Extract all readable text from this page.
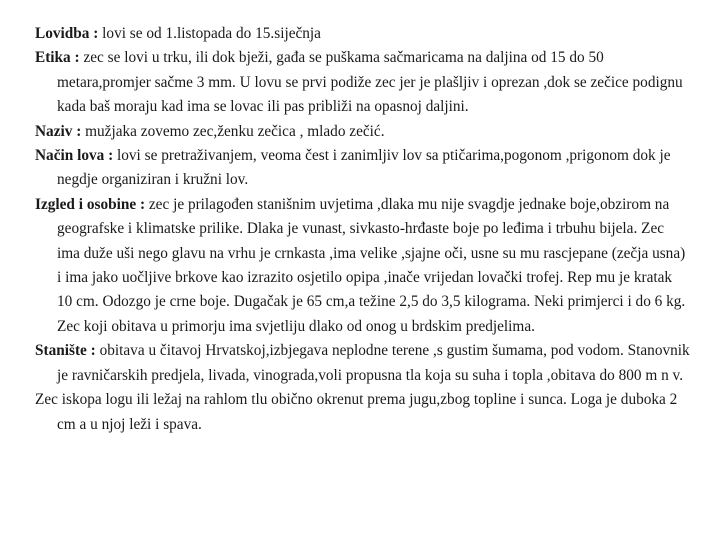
Lovidba : lovi se od 1.listopada do 15.siječnja

Etika : zec se lovi u trku, ili dok bježi, gađa se puškama sačmaricama na daljina od 15 do 50 metara,promjer sačme 3 mm. U lovu se prvi podiže zec jer je plašljiv i oprezan ,dok se zečice podignu kada baš moraju kad ima se lovac ili pas približi na opasnoj daljini.

Naziv : mužjaka zovemo zec,ženku zečica , mlado zečić.

Način lova : lovi se pretraživanjem, veoma čest i zanimljiv lov sa ptičarima,pogonom ,prigonom dok je negdje organiziran i kružni lov.

Izgled i osobine : zec je prilagođen stanišnim uvjetima ,dlaka mu nije svagdje jednake boje,obzirom na geografske i klimatske prilike. Dlaka je vunast, sivkasto-hrđaste boje po leđima i trbuhu bijela. Zec ima duže uši nego glavu na vrhu je crnkasta ,ima velike ,sjajne oči, usne su mu rascjepane (zečja usna) i ima jako uočljive brkove kao izrazito osjetilo opipa ,inače vrijedan lovački trofej. Rep mu je kratak 10 cm. Odozgo je crne boje. Dugačak je 65 cm,a težine 2,5 do 3,5 kilograma. Neki primjerci i do 6 kg. Zec koji obitava u primorju ima svjetliju dlako od onog u brdskim predjelima.

Stanište : obitava u čitavoj Hrvatskoj,izbjegava neplodne terene ,s gustim šumama, pod vodom. Stanovnik je ravničarskih predjela, livada, vinograda,voli propusna tla koja su suha i topla ,obitava do 800 m n v.

Zec iskopa logu ili ležaj na rahlom tlu obično okrenut prema jugu,zbog topline i sunca. Loga je duboka 2 cm a u njoj leži i spava.
